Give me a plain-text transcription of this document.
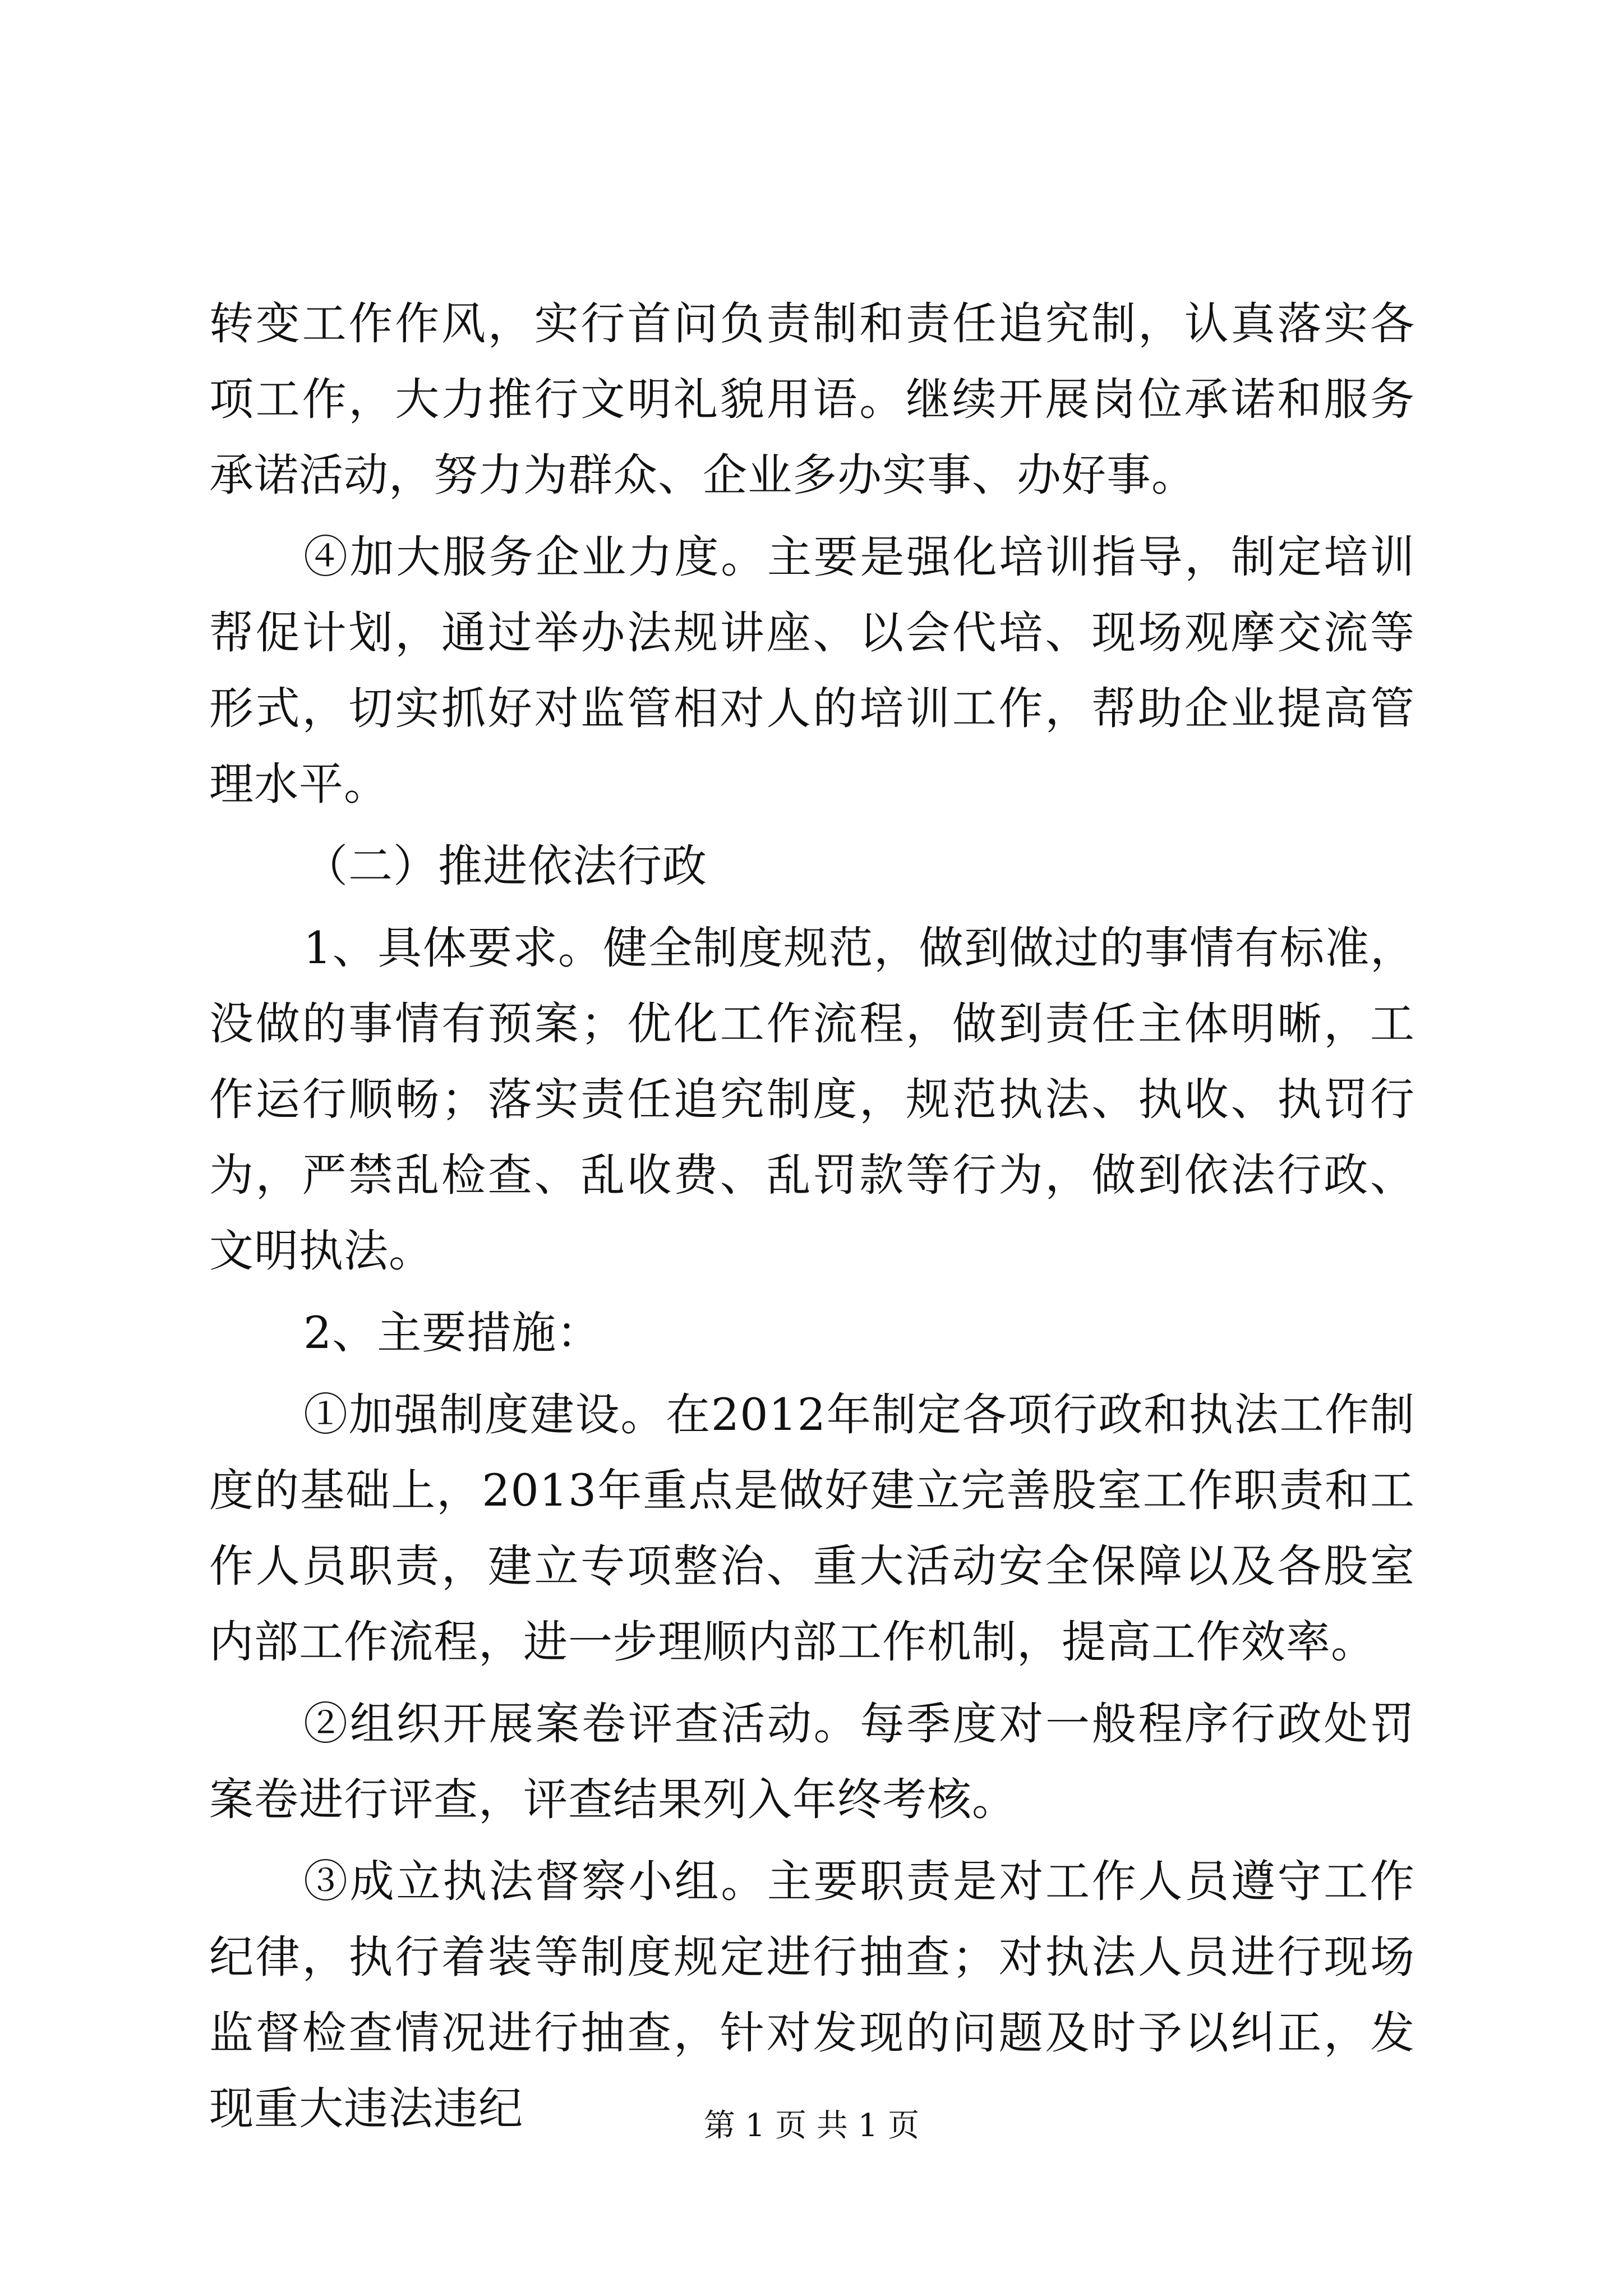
转变工作作风，实行首问负责制和责任追究制，认真落实各项工作，大力推行文明礼貌用语。继续开展岗位承诺和服务承诺活动，努力为群众、企业多办实事、办好事。

④加大服务企业力度。主要是强化培训指导，制定培训帮促计划，通过举办法规讲座、以会代培、现场观摩交流等形式，切实抓好对监管相对人的培训工作，帮助企业提高管理水平。

（二）推进依法行政

1、具体要求。健全制度规范，做到做过的事情有标准，没做的事情有预案；优化工作流程，做到责任主体明晰，工作运行顺畅；落实责任追究制度，规范执法、执收、执罚行为，严禁乱检查、乱收费、乱罚款等行为，做到依法行政、文明执法。

2、主要措施：

①加强制度建设。在2012年制定各项行政和执法工作制度的基础上，2013年重点是做好建立完善股室工作职责和工作人员职责，建立专项整治、重大活动安全保障以及各股室内部工作流程，进一步理顺内部工作机制，提高工作效率。

②组织开展案卷评查活动。每季度对一般程序行政处罚案卷进行评查，评查结果列入年终考核。

③成立执法督察小组。主要职责是对工作人员遵守工作纪律，执行着装等制度规定进行抽查；对执法人员进行现场监督检查情况进行抽查，针对发现的问题及时予以纠正，发现重大违法违纪	第 1 页 共 1 页
